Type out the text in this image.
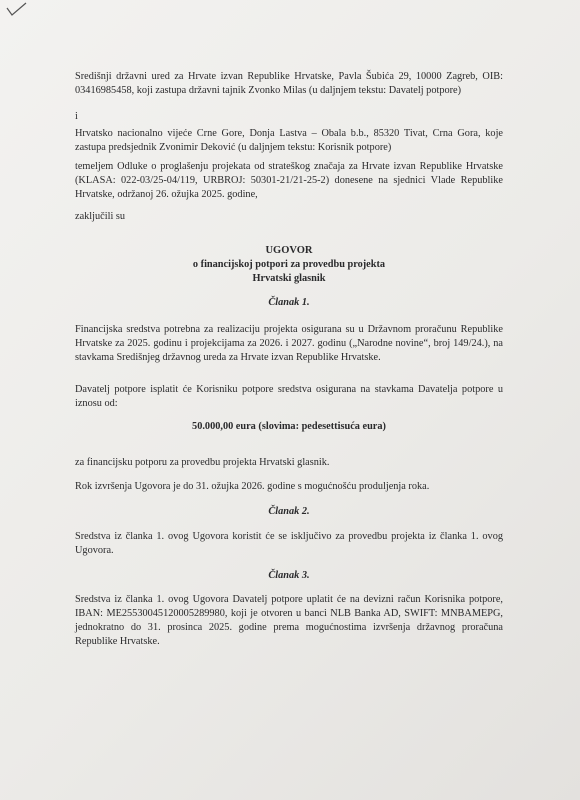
Središnji državni ured za Hrvate izvan Republike Hrvatske, Pavla Šubića 29, 10000 Zagreb, OIB: 03416985458, koji zastupa državni tajnik Zvonko Milas (u daljnjem tekstu: Davatelj potpore)
i
Hrvatsko nacionalno vijeće Crne Gore, Donja Lastva – Obala b.b., 85320 Tivat, Crna Gora, koje zastupa predsjednik Zvonimir Deković (u daljnjem tekstu: Korisnik potpore)
temeljem Odluke o proglašenju projekata od strateškog značaja za Hrvate izvan Republike Hrvatske (KLASA: 022-03/25-04/119, URBROJ: 50301-21/21-25-2) donesene na sjednici Vlade Republike Hrvatske, održanoj 26. ožujka 2025. godine,
zaključili su
UGOVOR
o financijskoj potpori za provedbu projekta
Hrvatski glasnik
Članak 1.
Financijska sredstva potrebna za realizaciju projekta osigurana su u Državnom proračunu Republike Hrvatske za 2025. godinu i projekcijama za 2026. i 2027. godinu („Narodne novine“, broj 149/24.), na stavkama Središnjeg državnog ureda za Hrvate izvan Republike Hrvatske.
Davatelj potpore isplatit će Korisniku potpore sredstva osigurana na stavkama Davatelja potpore u iznosu od:
50.000,00 eura (slovima: pedesettisuća eura)
za financijsku potporu za provedbu projekta Hrvatski glasnik.
Rok izvršenja Ugovora je do 31. ožujka 2026. godine s mogućnošću produljenja roka.
Članak 2.
Sredstva iz članka 1. ovog Ugovora koristit će se isključivo za provedbu projekta iz članka 1. ovog Ugovora.
Članak 3.
Sredstva iz članka 1. ovog Ugovora Davatelj potpore uplatit će na devizni račun Korisnika potpore, IBAN: ME25530045120005289980, koji je otvoren u banci NLB Banka AD, SWIFT: MNBAMEPG, jednokratno do 31. prosinca 2025. godine prema mogućnostima izvršenja državnog proračuna Republike Hrvatske.
